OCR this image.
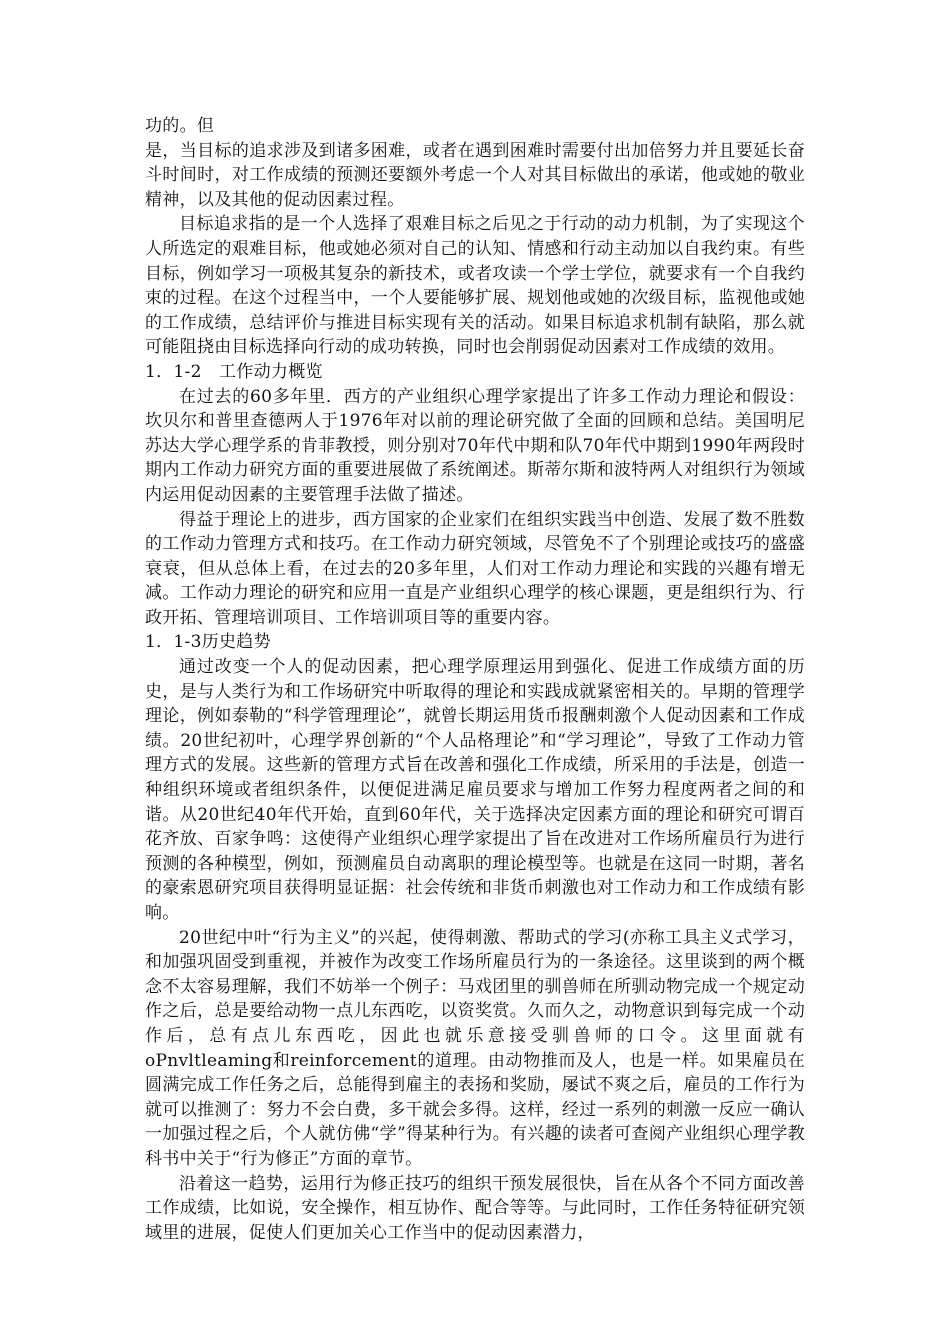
功的。但

是，当目标的追求涉及到诸多困难，或者在遇到困难时需要付出加倍努力并且要延长奋斗时间时，对工作成绩的预测还要额外考虑一个人对其目标做出的承诺，他或她的敬业精神，以及其他的促动因素过程。

目标追求指的是一个人选择了艰难目标之后见之于行动的动力机制，为了实现这个人所选定的艰难目标，他或她必须对自己的认知、情感和行动主动加以自我约束。有些目标，例如学习一项极其复杂的新技术，或者攻读一个学士学位，就要求有一个自我约束的过程。在这个过程当中，一个人要能够扩展、规划他或她的次级目标，监视他或她的工作成绩，总结评价与推进目标实现有关的活动。如果目标追求机制有缺陷，那么就可能阻挠由目标选择向行动的成功转换，同时也会削弱促动因素对工作成绩的效用。

1．1-2　工作动力概览

在过去的60多年里．西方的产业组织心理学家提出了许多工作动力理论和假设：坎贝尔和普里查德两人于1976年对以前的理论研究做了全面的回顾和总结。美国明尼苏达大学心理学系的肯菲教授，则分别对70年代中期和队70年代中期到1990年两段时期内工作动力研究方面的重要进展做了系统阐述。斯蒂尔斯和波特两人对组织行为领域内运用促动因素的主要管理手法做了描述。

得益于理论上的进步，西方国家的企业家们在组织实践当中创造、发展了数不胜数的工作动力管理方式和技巧。在工作动力研究领域，尽管免不了个别理论或技巧的盛盛衰衰，但从总体上看，在过去的20多年里，人们对工作动力理论和实践的兴趣有增无减。工作动力理论的研究和应用一直是产业组织心理学的核心课题，更是组织行为、行政开拓、管理培训项目、工作培训项目等的重要内容。

1．1-3历史趋势

通过改变一个人的促动因素，把心理学原理运用到强化、促进工作成绩方面的历史，是与人类行为和工作场研究中听取得的理论和实践成就紧密相关的。早期的管理学理论，例如泰勒的“科学管理理论”，就曾长期运用货币报酬刺激个人促动因素和工作成绩。20世纪初叶，心理学界创新的“个人品格理论”和“学习理论”，导致了工作动力管理方式的发展。这些新的管理方式旨在改善和强化工作成绩，所采用的手法是，创造一种组织环境或者组织条件，以便促进满足雇员要求与增加工作努力程度两者之间的和谐。从20世纪40年代开始，直到60年代，关于选择决定因素方面的理论和研究可谓百花齐放、百家争鸣：这使得产业组织心理学家提出了旨在改进对工作场所雇员行为进行预测的各种模型，例如，预测雇员自动离职的理论模型等。也就是在这同一时期，著名的豪索恩研究项目获得明显证据：社会传统和非货币刺激也对工作动力和工作成绩有影响。

20世纪中叶“行为主义”的兴起，使得刺激、帮助式的学习(亦称工具主义式学习，和加强巩固受到重视，并被作为改变工作场所雇员行为的一条途径。这里谈到的两个概念不太容易理解，我们不妨举一个例子：马戏团里的驯兽师在所驯动物完成一个规定动作之后，总是要给动物一点儿东西吃，以资奖赏。久而久之，动物意识到每完成一个动作后，总有点儿东西吃，因此也就乐意接受驯兽师的口令。这里面就有oPnvltleaming和reinforcement的道理。由动物推而及人，也是一样。如果雇员在圆满完成工作任务之后，总能得到雇主的表扬和奖励，屡试不爽之后，雇员的工作行为就可以推测了：努力不会白费，多干就会多得。这样，经过一系列的刺激一反应一确认一加强过程之后，个人就仿佛“学”得某种行为。有兴趣的读者可查阅产业组织心理学教科书中关于“行为修正”方面的章节。

沿着这一趋势，运用行为修正技巧的组织干预发展很快，旨在从各个不同方面改善工作成绩，比如说，安全操作，相互协作、配合等等。与此同时，工作任务特征研究领域里的进展，促使人们更加关心工作当中的促动因素潜力，
